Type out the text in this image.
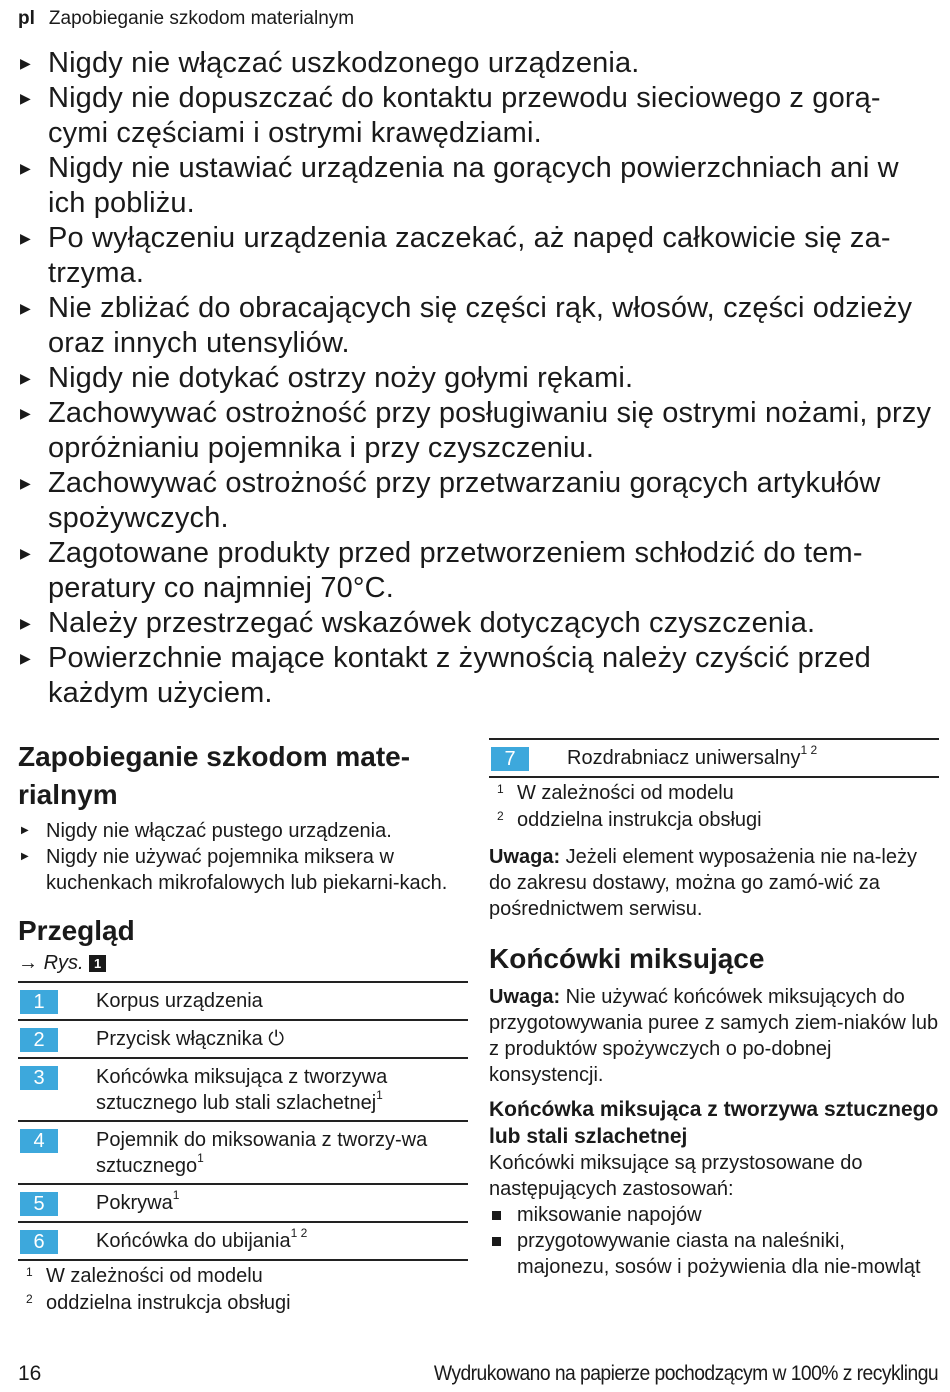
pl Zapobieganie szkodom materialnym
▶ Nigdy nie włączać uszkodzonego urządzenia.
▶ Nigdy nie dopuszczać do kontaktu przewodu sieciowego z gorą-cymi częściami i ostrymi krawędziami.
▶ Nigdy nie ustawiać urządzenia na gorących powierzchniach ani w ich pobliżu.
▶ Po wyłączeniu urządzenia zaczekać, aż napęd całkowicie się za-trzyma.
▶ Nie zbliżać do obracających się części rąk, włosów, części odzieży oraz innych utensyliów.
▶ Nigdy nie dotykać ostrzy noży gołymi rękami.
▶ Zachowywać ostrożność przy posługiwaniu się ostrymi nożami, przy opróżnianiu pojemnika i przy czyszczeniu.
▶ Zachowywać ostrożność przy przetwarzaniu gorących artykułów spożywczych.
▶ Zagotowane produkty przed przetworzeniem schłodzić do tem-peratury co najmniej 70°C.
▶ Należy przestrzegać wskazówek dotyczących czyszczenia.
▶ Powierzchnie mające kontakt z żywnością należy czyścić przed każdym użyciem.
Zapobieganie szkodom mate-rialnym
▶ Nigdy nie włączać pustego urządzenia.
▶ Nigdy nie używać pojemnika miksera w kuchenkach mikrofalowych lub piekarni-kach.
Przegląd
→ Rys. 1
1	Korpus urządzenia
2	Przycisk włącznika ⏻
3	Końcówka miksująca z tworzywa sztucznego lub stali szlachetnej$^1$
4	Pojemnik do miksowania z tworzy-wa sztucznego$^1$
5	Pokrywa$^1$
6	Końcówka do ubijania$^{1 2}$
1 W zależności od modelu
2 oddzielna instrukcja obsługi
7	Rozdrabniacz uniwersalny$^{1 2}$
1 W zależności od modelu
2 oddzielna instrukcja obsługi

Uwaga: Jeżeli element wyposażenia nie na-leży do zakresu dostawy, można go zamó-wić za pośrednictwem serwisu.

Końcówki miksujące

Uwaga: Nie używać końcówek miksujących do przygotowywania puree z samych ziem-niaków lub z produktów spożywczych o po-dobnej konsystencji.

Końcówka miksująca z tworzywa sztucznego lub stali szlachetnej

Końcówki miksujące są przystosowane do następujących zastosowań:

miksowanie napojów
przygotowywanie ciasta na naleśniki, majonezu, sosów i pożywienia dla nie-mowląt
16	Wydrukowano na papierze pochodzącym w 100% z recyklingu
